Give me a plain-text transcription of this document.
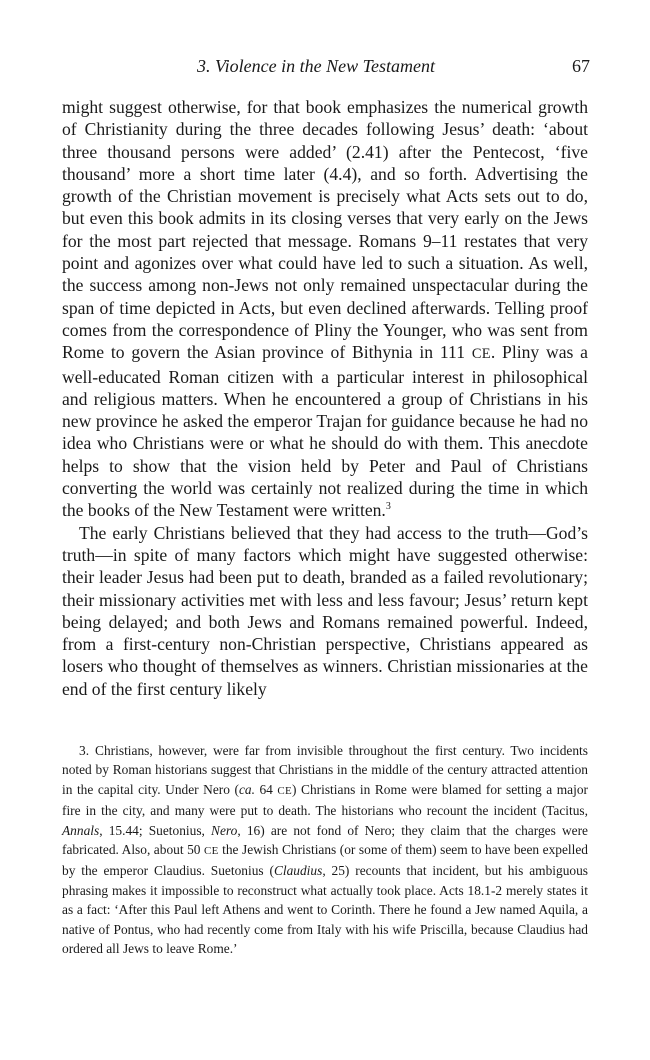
3. Violence in the New Testament	67

might suggest otherwise, for that book emphasizes the numerical growth of Christianity during the three decades following Jesus’ death: ‘about three thousand persons were added’ (2.41) after the Pentecost, ‘five thousand’ more a short time later (4.4), and so forth. Advertising the growth of the Christian movement is precisely what Acts sets out to do, but even this book admits in its closing verses that very early on the Jews for the most part rejected that message. Romans 9–11 restates that very point and agonizes over what could have led to such a situation. As well, the success among non-Jews not only remained unspectacular during the span of time depicted in Acts, but even declined afterwards. Telling proof comes from the correspondence of Pliny the Younger, who was sent from Rome to govern the Asian province of Bithynia in 111 CE. Pliny was a well-educated Roman citizen with a particular interest in philosophical and religious matters. When he encountered a group of Christians in his new province he asked the emperor Trajan for guidance because he had no idea who Christians were or what he should do with them. This anecdote helps to show that the vision held by Peter and Paul of Christians converting the world was certainly not realized during the time in which the books of the New Testament were written.$^3$

The early Christians believed that they had access to the truth—God’s truth—in spite of many factors which might have suggested otherwise: their leader Jesus had been put to death, branded as a failed revolutionary; their missionary activities met with less and less favour; Jesus’ return kept being delayed; and both Jews and Romans remained powerful. Indeed, from a first-century non-Christian perspective, Christians appeared as losers who thought of themselves as winners. Christian missionaries at the end of the first century likely

3. Christians, however, were far from invisible throughout the first century. Two incidents noted by Roman historians suggest that Christians in the middle of the century attracted attention in the capital city. Under Nero (ca. 64 CE) Christians in Rome were blamed for setting a major fire in the city, and many were put to death. The historians who recount the incident (Tacitus, Annals, 15.44; Suetonius, Nero, 16) are not fond of Nero; they claim that the charges were fabricated. Also, about 50 CE the Jewish Christians (or some of them) seem to have been expelled by the emperor Claudius. Suetonius (Claudius, 25) recounts that incident, but his ambiguous phrasing makes it impossible to reconstruct what actually took place. Acts 18.1-2 merely states it as a fact: ‘After this Paul left Athens and went to Corinth. There he found a Jew named Aquila, a native of Pontus, who had recently come from Italy with his wife Priscilla, because Claudius had ordered all Jews to leave Rome.’
